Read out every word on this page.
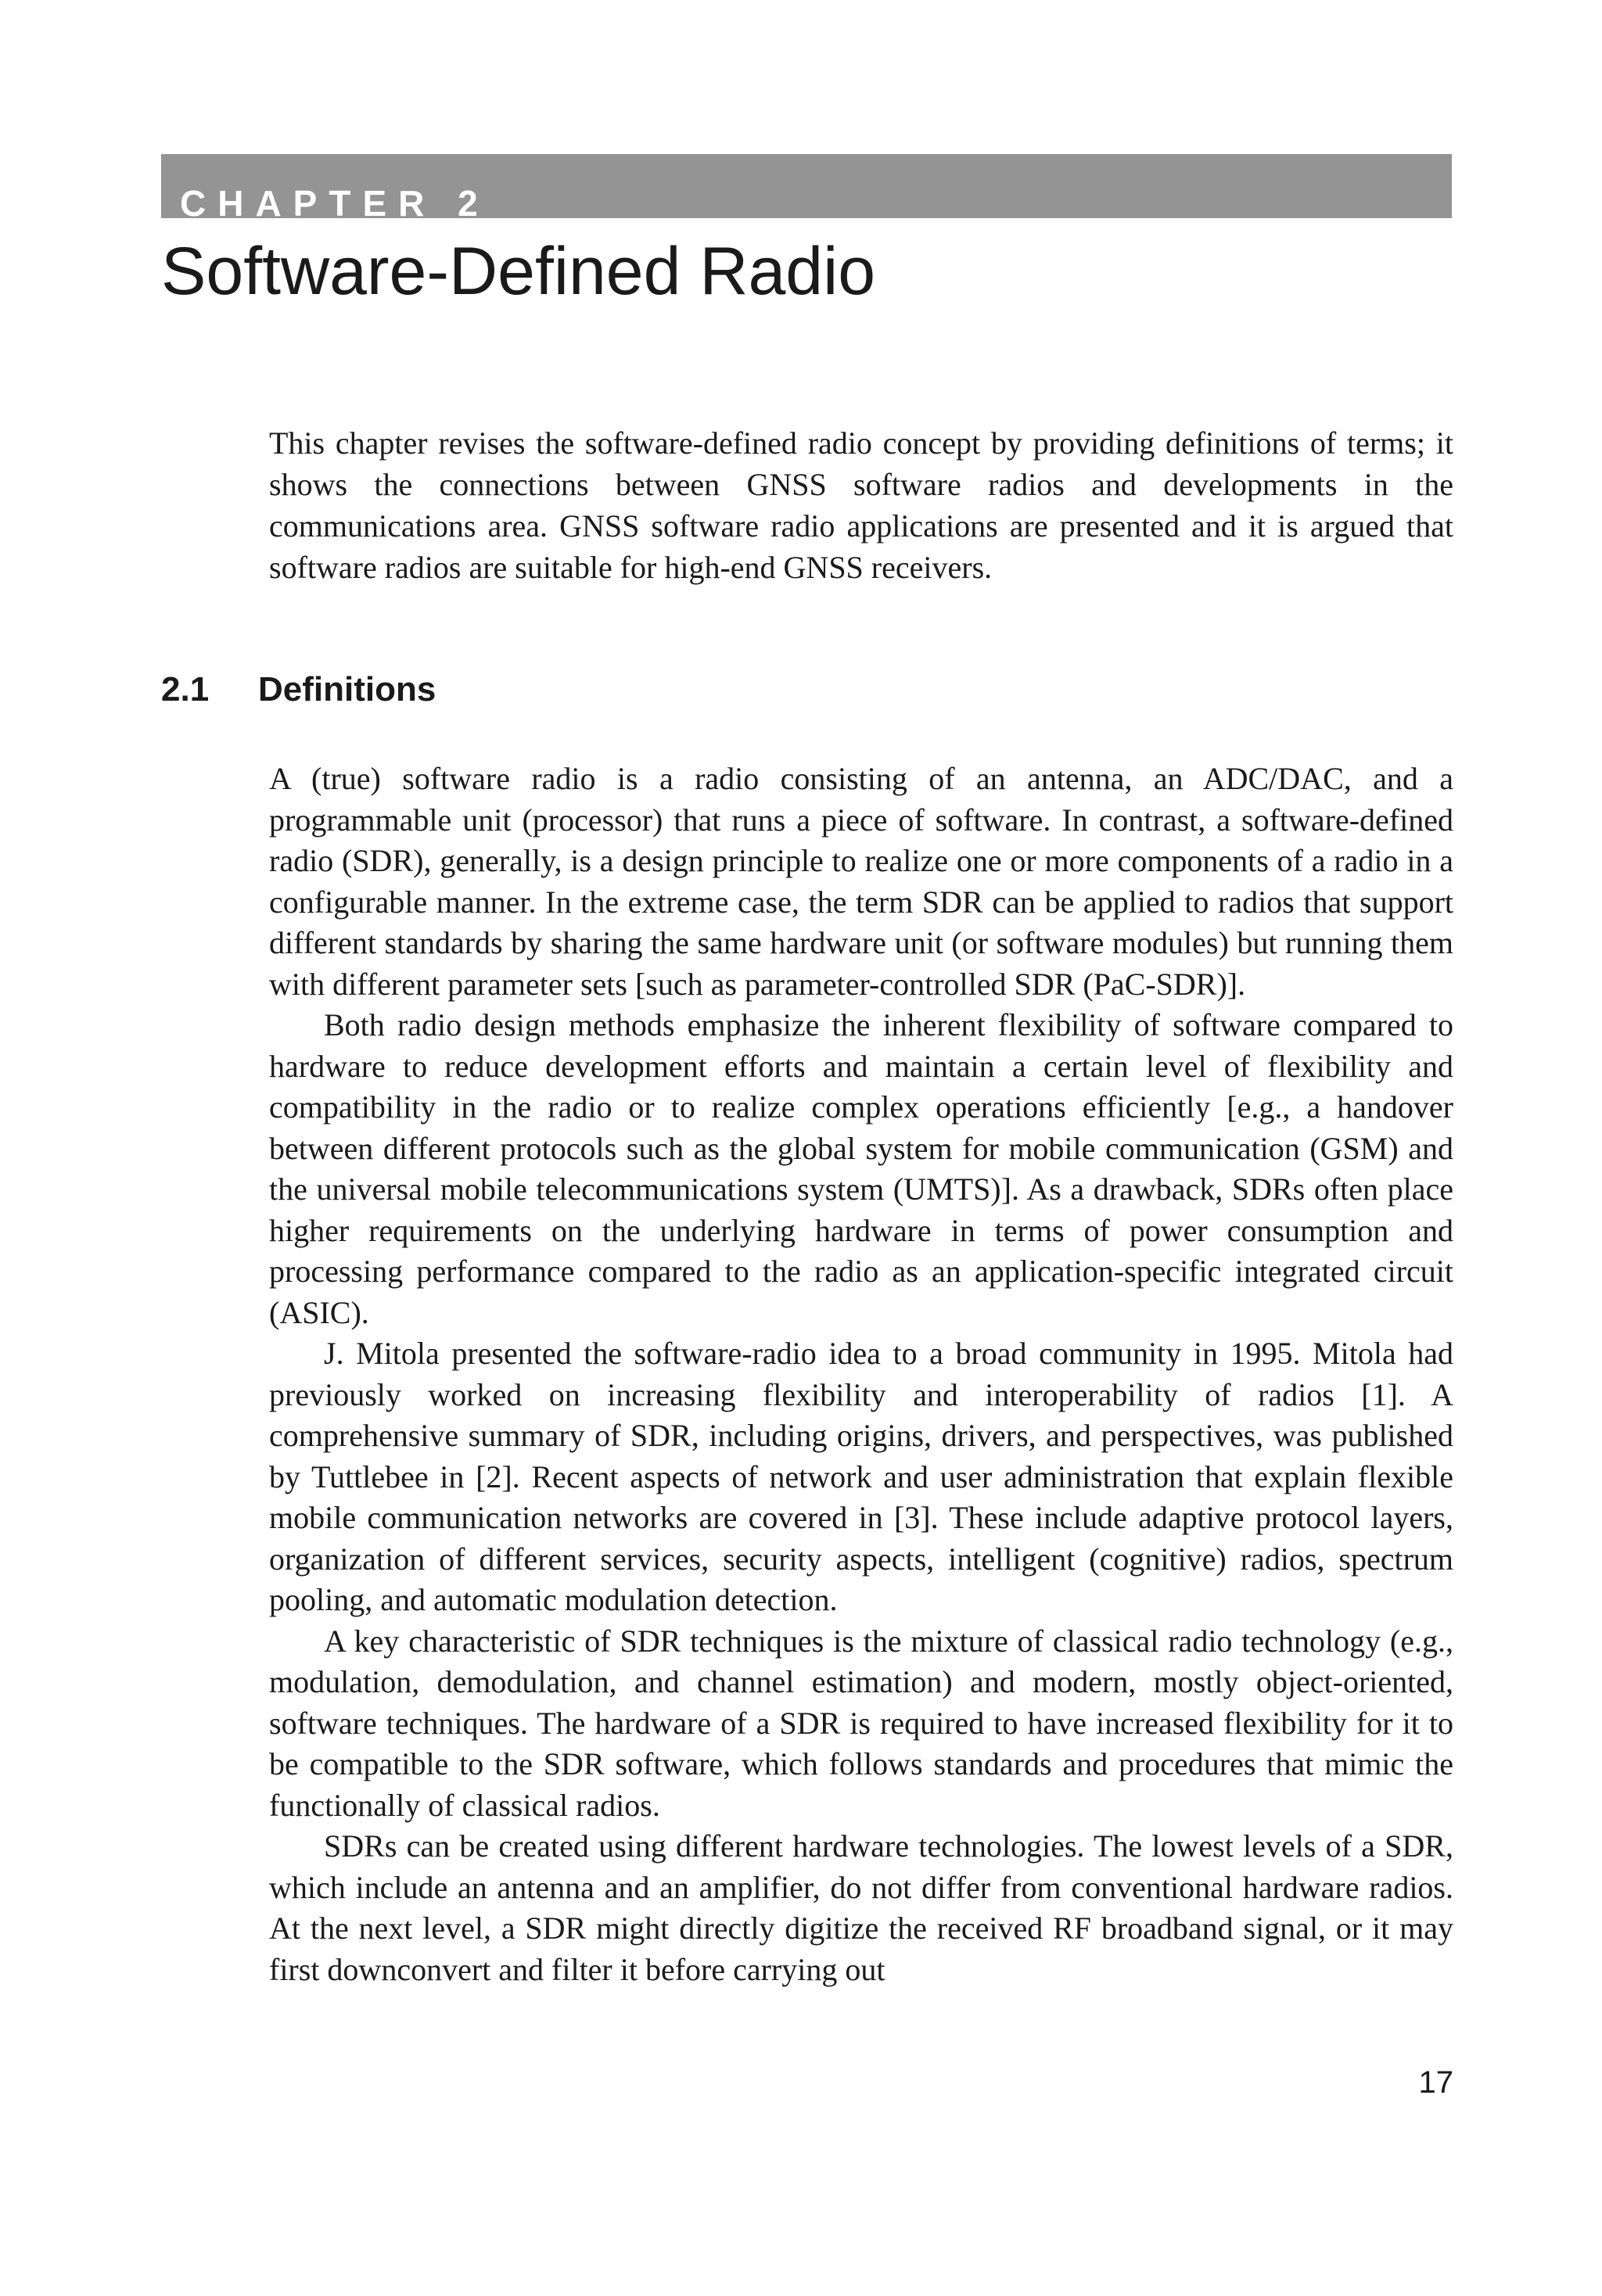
CHAPTER 2
Software-Defined Radio

This chapter revises the software-defined radio concept by providing definitions of terms; it shows the connections between GNSS software radios and developments in the communications area. GNSS software radio applications are presented and it is argued that software radios are suitable for high-end GNSS receivers.

2.1 Definitions

A (true) software radio is a radio consisting of an antenna, an ADC/DAC, and a programmable unit (processor) that runs a piece of software. In contrast, a software-defined radio (SDR), generally, is a design principle to realize one or more components of a radio in a configurable manner. In the extreme case, the term SDR can be applied to radios that support different standards by sharing the same hardware unit (or software modules) but running them with different parameter sets [such as parameter-controlled SDR (PaC-SDR)].

Both radio design methods emphasize the inherent flexibility of software compared to hardware to reduce development efforts and maintain a certain level of flexibility and compatibility in the radio or to realize complex operations efficiently [e.g., a handover between different protocols such as the global system for mobile communication (GSM) and the universal mobile telecommunications system (UMTS)]. As a drawback, SDRs often place higher requirements on the underlying hardware in terms of power consumption and processing performance compared to the radio as an application-specific integrated circuit (ASIC).

J. Mitola presented the software-radio idea to a broad community in 1995. Mitola had previously worked on increasing flexibility and interoperability of radios [1]. A comprehensive summary of SDR, including origins, drivers, and perspectives, was published by Tuttlebee in [2]. Recent aspects of network and user administration that explain flexible mobile communication networks are covered in [3]. These include adaptive protocol layers, organization of different services, security aspects, intelligent (cognitive) radios, spectrum pooling, and automatic modulation detection.

A key characteristic of SDR techniques is the mixture of classical radio technology (e.g., modulation, demodulation, and channel estimation) and modern, mostly object-oriented, software techniques. The hardware of a SDR is required to have increased flexibility for it to be compatible to the SDR software, which follows standards and procedures that mimic the functionally of classical radios.

SDRs can be created using different hardware technologies. The lowest levels of a SDR, which include an antenna and an amplifier, do not differ from conventional hardware radios. At the next level, a SDR might directly digitize the received RF broadband signal, or it may first downconvert and filter it before carrying out

17
